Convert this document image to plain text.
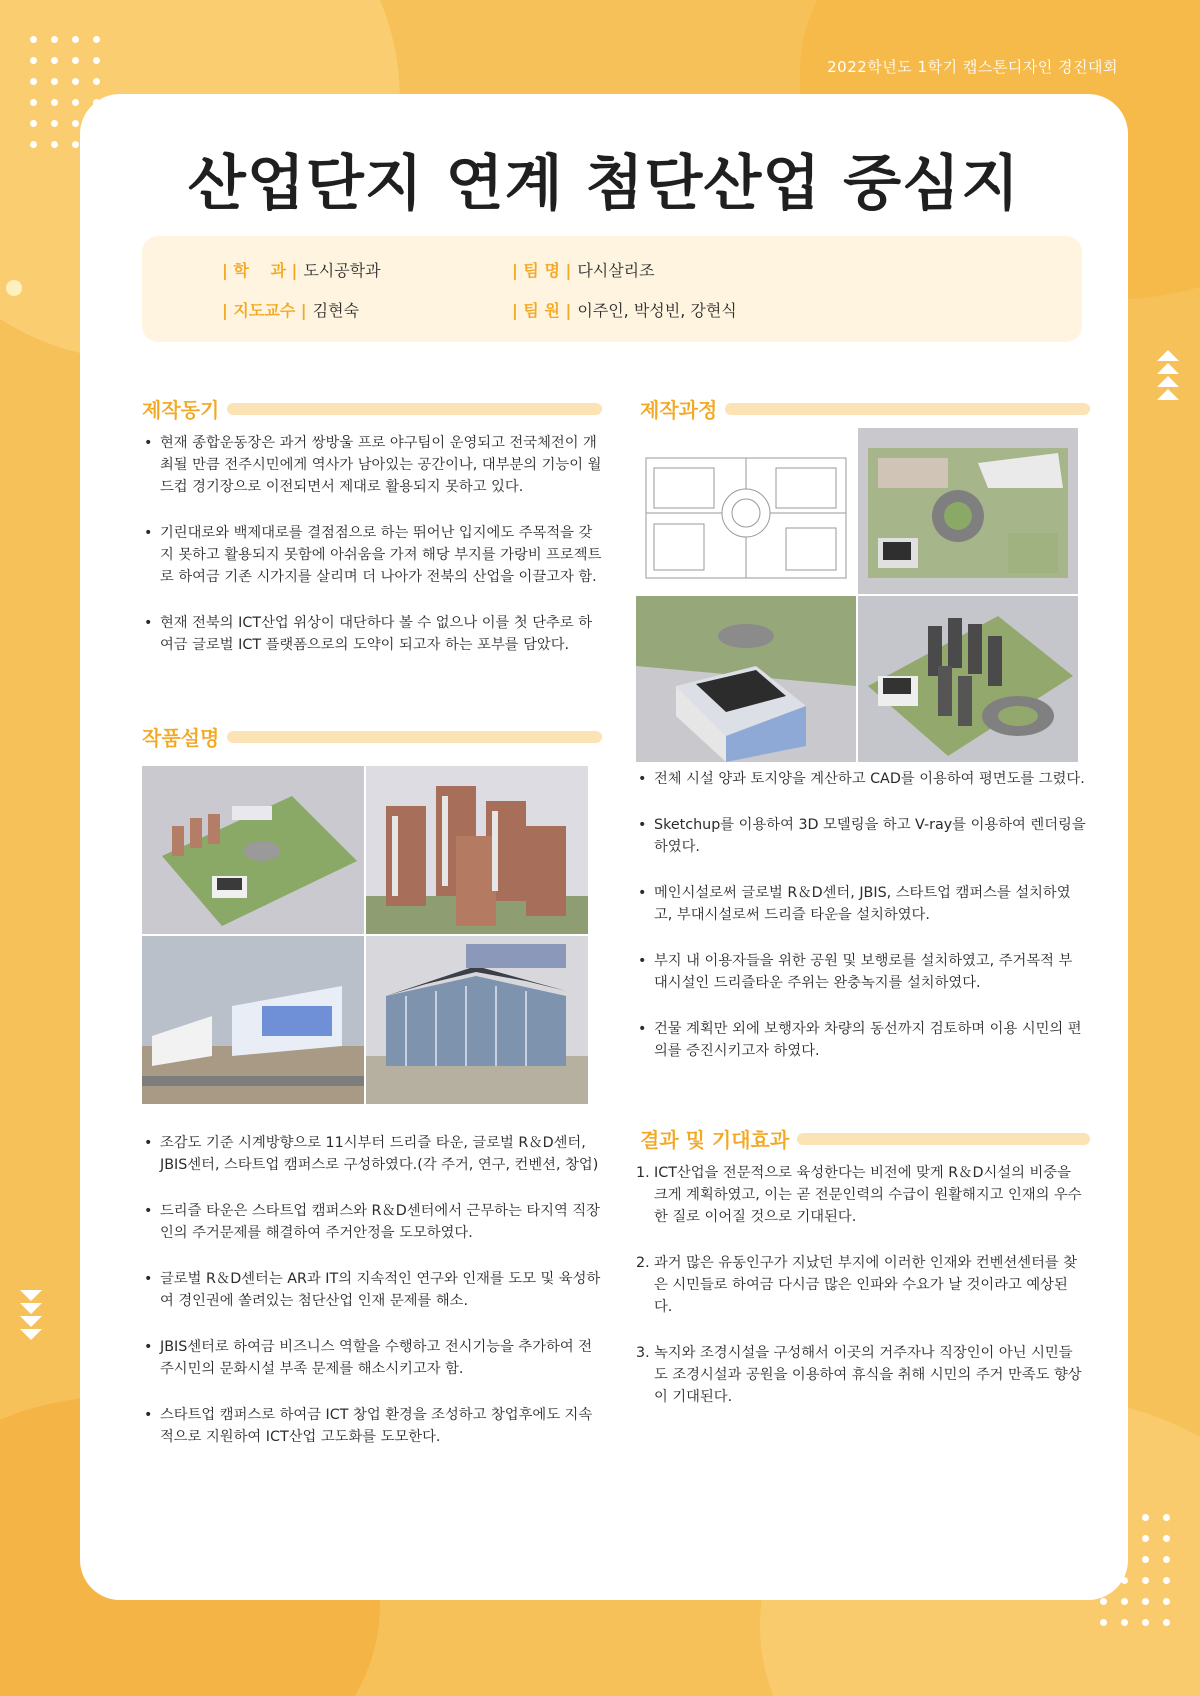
2022학년도 1학기 캡스톤디자인 경진대회
산업단지 연계 첨단산업 중심지
| 학　 과 | 도시공학과	| 팀 명 | 다시살리조
| 지도교수 | 김현숙	| 팀 원 | 이주인, 박성빈, 강현식
제작동기
• 현재 종합운동장은 과거 쌍방울 프로 야구팀이 운영되고 전국체전이 개최될 만큼 전주시민에게 역사가 남아있는 공간이나, 대부분의 기능이 월드컵 경기장으로 이전되면서 제대로 활용되지 못하고 있다.
• 기린대로와 백제대로를 결점점으로 하는 뛰어난 입지에도 주목적을 갖지 못하고 활용되지 못함에 아쉬움을 가져 해당 부지를 가랑비 프로젝트로 하여금 기존 시가지를 살리며 더 나아가 전북의 산업을 이끌고자 함.
• 현재 전북의 ICT산업 위상이 대단하다 볼 수 없으나 이를 첫 단추로 하여금 글로벌 ICT 플랫폼으로의 도약이 되고자 하는 포부를 담았다.
작품설명
• 조감도 기준 시계방향으로 11시부터 드리즐 타운, 글로벌 R＆D센터, JBIS센터, 스타트업 캠퍼스로 구성하였다.(각 주거, 연구, 컨벤션, 창업)
• 드리즐 타운은 스타트업 캠퍼스와 R＆D센터에서 근무하는 타지역 직장인의 주거문제를 해결하여 주거안정을 도모하였다.
• 글로벌 R＆D센터는 AR과 IT의 지속적인 연구와 인재를 도모 및 육성하여 경인권에 쏠려있는 첨단산업 인재 문제를 해소.
• JBIS센터로 하여금 비즈니스 역할을 수행하고 전시기능을 추가하여 전주시민의 문화시설 부족 문제를 해소시키고자 함.
• 스타트업 캠퍼스로 하여금 ICT 창업 환경을 조성하고 창업후에도 지속적으로 지원하여 ICT산업 고도화를 도모한다.
제작과정
• 전체 시설 양과 토지양을 계산하고 CAD를 이용하여 평면도를 그렸다.
• Sketchup를 이용하여 3D 모델링을 하고 V-ray를 이용하여 렌더링을 하였다.
• 메인시설로써 글로벌 R＆D센터, JBIS, 스타트업 캠퍼스를 설치하였고, 부대시설로써 드리즐 타운을 설치하였다.
• 부지 내 이용자들을 위한 공원 및 보행로를 설치하였고, 주거목적 부대시설인 드리즐타운 주위는 완충녹지를 설치하였다.
• 건물 계획만 외에 보행자와 차량의 동선까지 검토하며 이용 시민의 편의를 증진시키고자 하였다.
결과 및 기대효과
1. ICT산업을 전문적으로 육성한다는 비전에 맞게 R＆D시설의 비중을 크게 계획하였고, 이는 곧 전문인력의 수급이 원활해지고 인재의 우수한 질로 이어질 것으로 기대된다.
2. 과거 많은 유동인구가 지났던 부지에 이러한 인재와 컨벤션센터를 찾은 시민들로 하여금 다시금 많은 인파와 수요가 날 것이라고 예상된다.
3. 녹지와 조경시설을 구성해서 이곳의 거주자나 직장인이 아닌 시민들도 조경시설과 공원을 이용하여 휴식을 취해 시민의 주거 만족도 향상이 기대된다.
